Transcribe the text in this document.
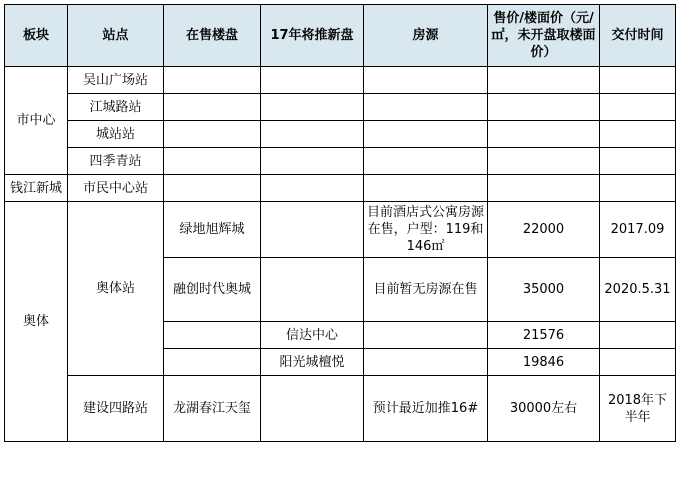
板块	站点	在售楼盘	17年将推新盘	房源	售价/楼面价（元/㎡，未开盘取楼面价）	交付时间
市中心	吴山广场站					
	江城路站					
	城站站					
	四季青站					
钱江新城	市民中心站					
奥体	奥体站	绿地旭辉城		目前酒店式公寓房源在售，户型：119和146㎡	22000	2017.09
		融创时代奥城		目前暂无房源在售	35000	2020.5.31
			信达中心		21576	
			阳光城檀悦		19846	
	建设四路站	龙湖春江天玺		预计最近加推16#	30000左右	2018年下半年
